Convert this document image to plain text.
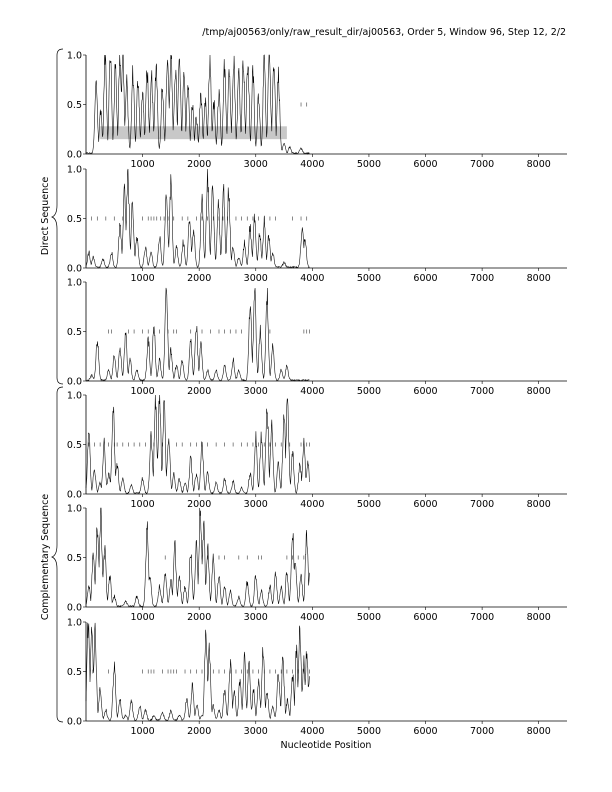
/tmp/aj00563/only/raw_result_dir/aj00563, Order 5, Window 96, Step 12, 2/2
Direct Sequence
Complementary Sequence
0.0
0.5
1.0
1000	2000	3000	4000	5000	6000	7000	8000
0.0
0.5
1.0
1000	2000	3000	4000	5000	6000	7000	8000
0.0
0.5
1.0
1000	2000	3000	4000	5000	6000	7000	8000
0.0
0.5
1.0
1000	2000	3000	4000	5000	6000	7000	8000
0.0
0.5
1.0
1000	2000	3000	4000	5000	6000	7000	8000
0.0
0.5
1.0
1000	2000	3000	4000	5000	6000	7000	8000
Nucleotide Position
